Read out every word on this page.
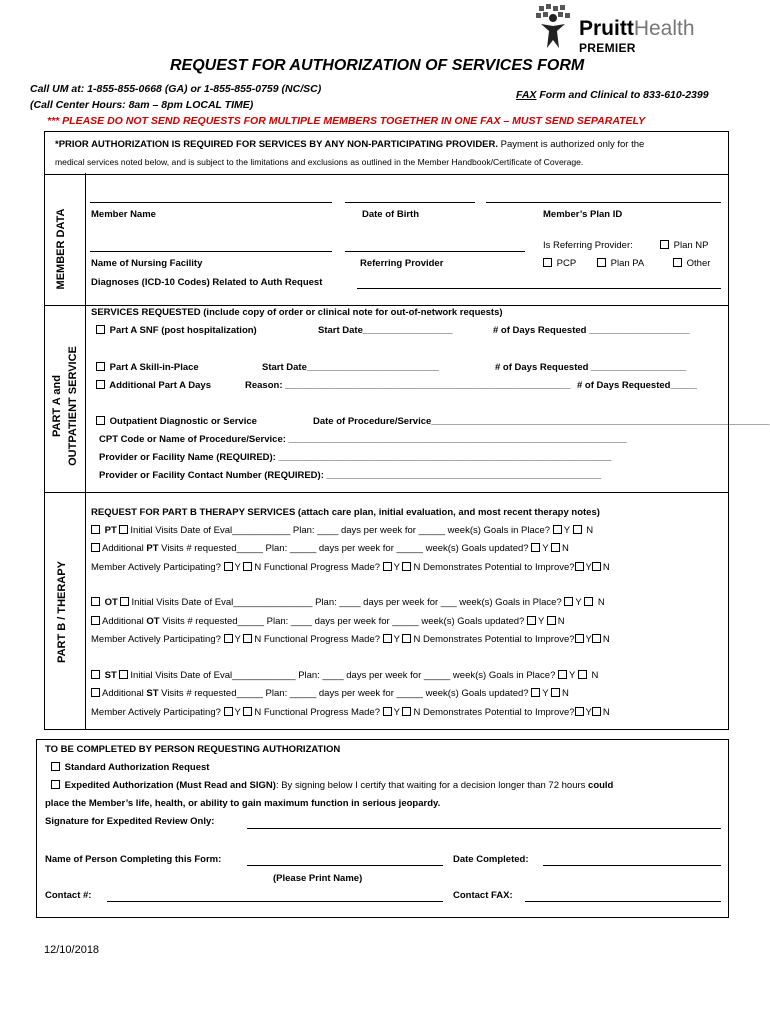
PruittHealth
PREMIER
REQUEST FOR AUTHORIZATION OF SERVICES FORM
Call UM at: 1-855-855-0668 (GA) or 1-855-855-0759 (NC/SC)
(Call Center Hours: 8am – 8pm LOCAL TIME)
FAX Form and Clinical to 833-610-2399
*** PLEASE DO NOT SEND REQUESTS FOR MULTIPLE MEMBERS TOGETHER IN ONE FAX – MUST SEND SEPARATELY
*PRIOR AUTHORIZATION IS REQUIRED FOR SERVICES BY ANY NON-PARTICIPATING PROVIDER. Payment is authorized only for the
medical services noted below, and is subject to the limitations and exclusions as outlined in the Member Handbook/Certificate of Coverage.
MEMBER DATA
PART A and OUTPATIENT SERVICE
PART B / THERAPY
Member Name	Date of Birth	Member’s Plan ID
Is Referring Provider:	Plan NP
Name of Nursing Facility	Referring Provider	PCP	Plan PA	Other
Diagnoses (ICD-10 Codes) Related to Auth Request
SERVICES REQUESTED (include copy of order or clinical note for out-of-network requests)
Part A SNF (post hospitalization)	Start Date_________________	# of Days Requested ___________________
Part A Skill-in-Place	Start Date_________________________	# of Days Requested __________________
Additional Part A Days	Reason: ______________________________________________________ # of Days Requested_____
Outpatient Diagnostic or Service	Date of Procedure/Service________________________________________________________________
CPT Code or Name of Procedure/Service: ________________________________________________________________
Provider or Facility Name (REQUIRED): _______________________________________________________________
Provider or Facility Contact Number (REQUIRED): ____________________________________________________
REQUEST FOR PART B THERAPY SERVICES (attach care plan, initial evaluation, and most recent therapy notes)
PT Initial Visits Date of Eval___________ Plan: ____ days per week for _____ week(s) Goals in Place? Y N
Additional PT Visits # requested_____ Plan: _____ days per week for _____ week(s) Goals updated? Y N
Member Actively Participating? Y N Functional Progress Made? Y N Demonstrates Potential to Improve? Y N
OT Initial Visits Date of Eval_______________ Plan: ____ days per week for ___ week(s) Goals in Place? Y N
Additional OT Visits # requested_____ Plan: ____ days per week for _____ week(s) Goals updated? Y N
Member Actively Participating? Y N Functional Progress Made? Y N Demonstrates Potential to Improve? Y N
ST Initial Visits Date of Eval____________ Plan: ____ days per week for _____ week(s) Goals in Place? Y N
Additional ST Visits # requested_____ Plan: _____ days per week for _____ week(s) Goals updated? Y N
Member Actively Participating? Y N Functional Progress Made? Y N Demonstrates Potential to Improve? Y N
TO BE COMPLETED BY PERSON REQUESTING AUTHORIZATION
Standard Authorization Request
Expedited Authorization (Must Read and SIGN): By signing below I certify that waiting for a decision longer than 72 hours could
place the Member’s life, health, or ability to gain maximum function in serious jeopardy.
Signature for Expedited Review Only:
Name of Person Completing this Form:	Date Completed:
(Please Print Name)
Contact #:	Contact FAX:
12/10/2018
